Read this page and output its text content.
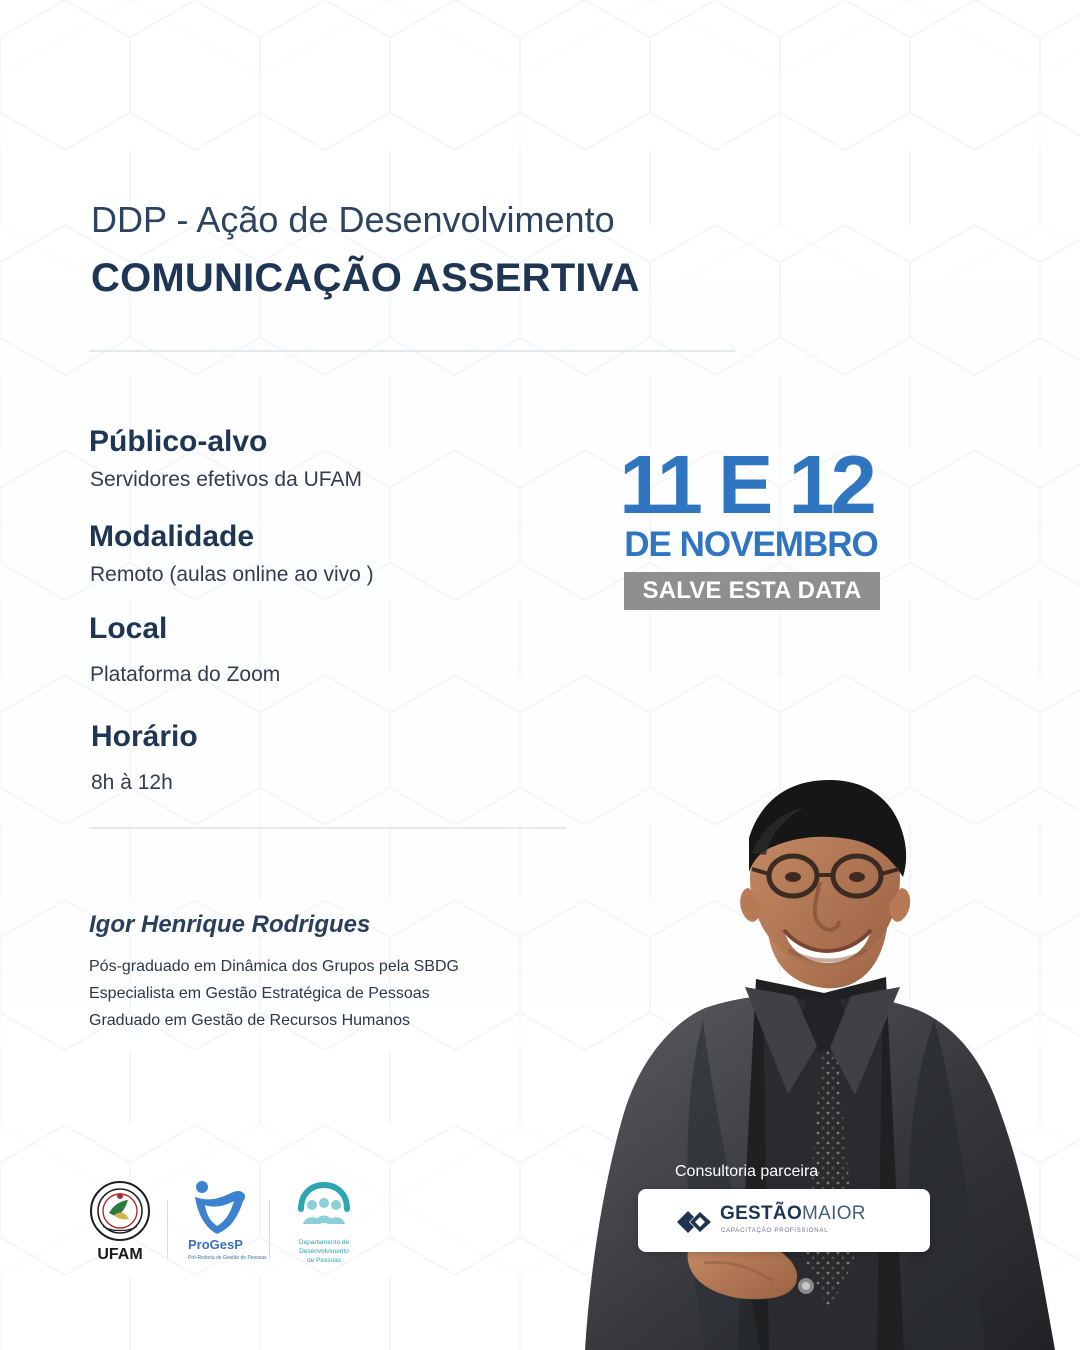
DDP - Ação de Desenvolvimento

COMUNICAÇÃO ASSERTIVA
Público-alvo

Servidores efetivos da UFAM

Modalidade

Remoto (aulas online ao vivo )

Local

Plataforma do Zoom

Horário

8h à 12h

11 E 12

DE NOVEMBRO

SALVE ESTA DATA
Igor Henrique Rodrigues

Pós-graduado em Dinâmica dos Grupos pela SBDG

Especialista em Gestão Estratégica de Pessoas

Graduado em Gestão de Recursos Humanos

Consultoria parceira

GESTÃOMAIOR

CAPACITAÇÃO PROFISSIONAL

UFAM

ProGesP

Pró-Reitoria de Gestão de Pessoas

Departamento de

Desenvolvimento

de Pessoas
